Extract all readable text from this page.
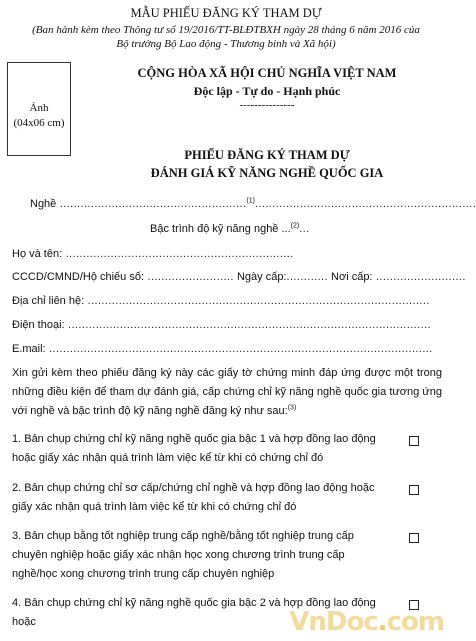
MẪU PHIẾU ĐĂNG KÝ THAM DỰ
(Ban hành kèm theo Thông tư số 19/2016/TT-BLĐTBXH ngày 28 tháng 6 năm 2016 của
Bộ trưởng Bộ Lao động - Thương binh và Xã hội)
Ảnh
(04x06 cm)
CỘNG HÒA XÃ HỘI CHỦ NGHĨA VIỆT NAM
Độc lập - Tự do - Hạnh phúc
---------------
PHIẾU ĐĂNG KÝ THAM DỰ
ĐÁNH GIÁ KỸ NĂNG NGHỀ QUỐC GIA
Nghề ......................................................$^{(1)}$................................................................
Bậc trình độ kỹ năng nghề ...$^{(2)}$...
Họ và tên: ..................................................................
CCCD/CMND/Hộ chiếu số: ......................... Ngày cấp:............ Nơi cấp: ..........................
Địa chỉ liên hệ: ...................................................................................................
Điện thoại: .........................................................................................................
E.mail: ...............................................................................................................
Xin gửi kèm theo phiếu đăng ký này các giấy tờ chứng minh đáp ứng được một trong những điều kiện để tham dự đánh giá, cấp chứng chỉ kỹ năng nghề quốc gia tương ứng với nghề và bậc trình độ kỹ năng nghề đăng ký như sau:$^{(3)}$
1. Bản chụp chứng chỉ kỹ năng nghề quốc gia bậc 1 và hợp đồng lao động hoặc giấy xác nhận quá trình làm việc kể từ khi có chứng chỉ đó
2. Bản chụp chứng chỉ sơ cấp/chứng chỉ nghề và hợp đồng lao động hoặc giấy xác nhận quá trình làm việc kể từ khi có chứng chỉ đó
3. Bản chụp bằng tốt nghiệp trung cấp nghề/bằng tốt nghiệp trung cấp chuyên nghiệp hoặc giấy xác nhận học xong chương trình trung cấp nghề/học xong chương trình trung cấp chuyên nghiệp
4. Bản chụp chứng chỉ kỹ năng nghề quốc gia bậc 2 và hợp đồng lao động hoặc	VnDoc.com
